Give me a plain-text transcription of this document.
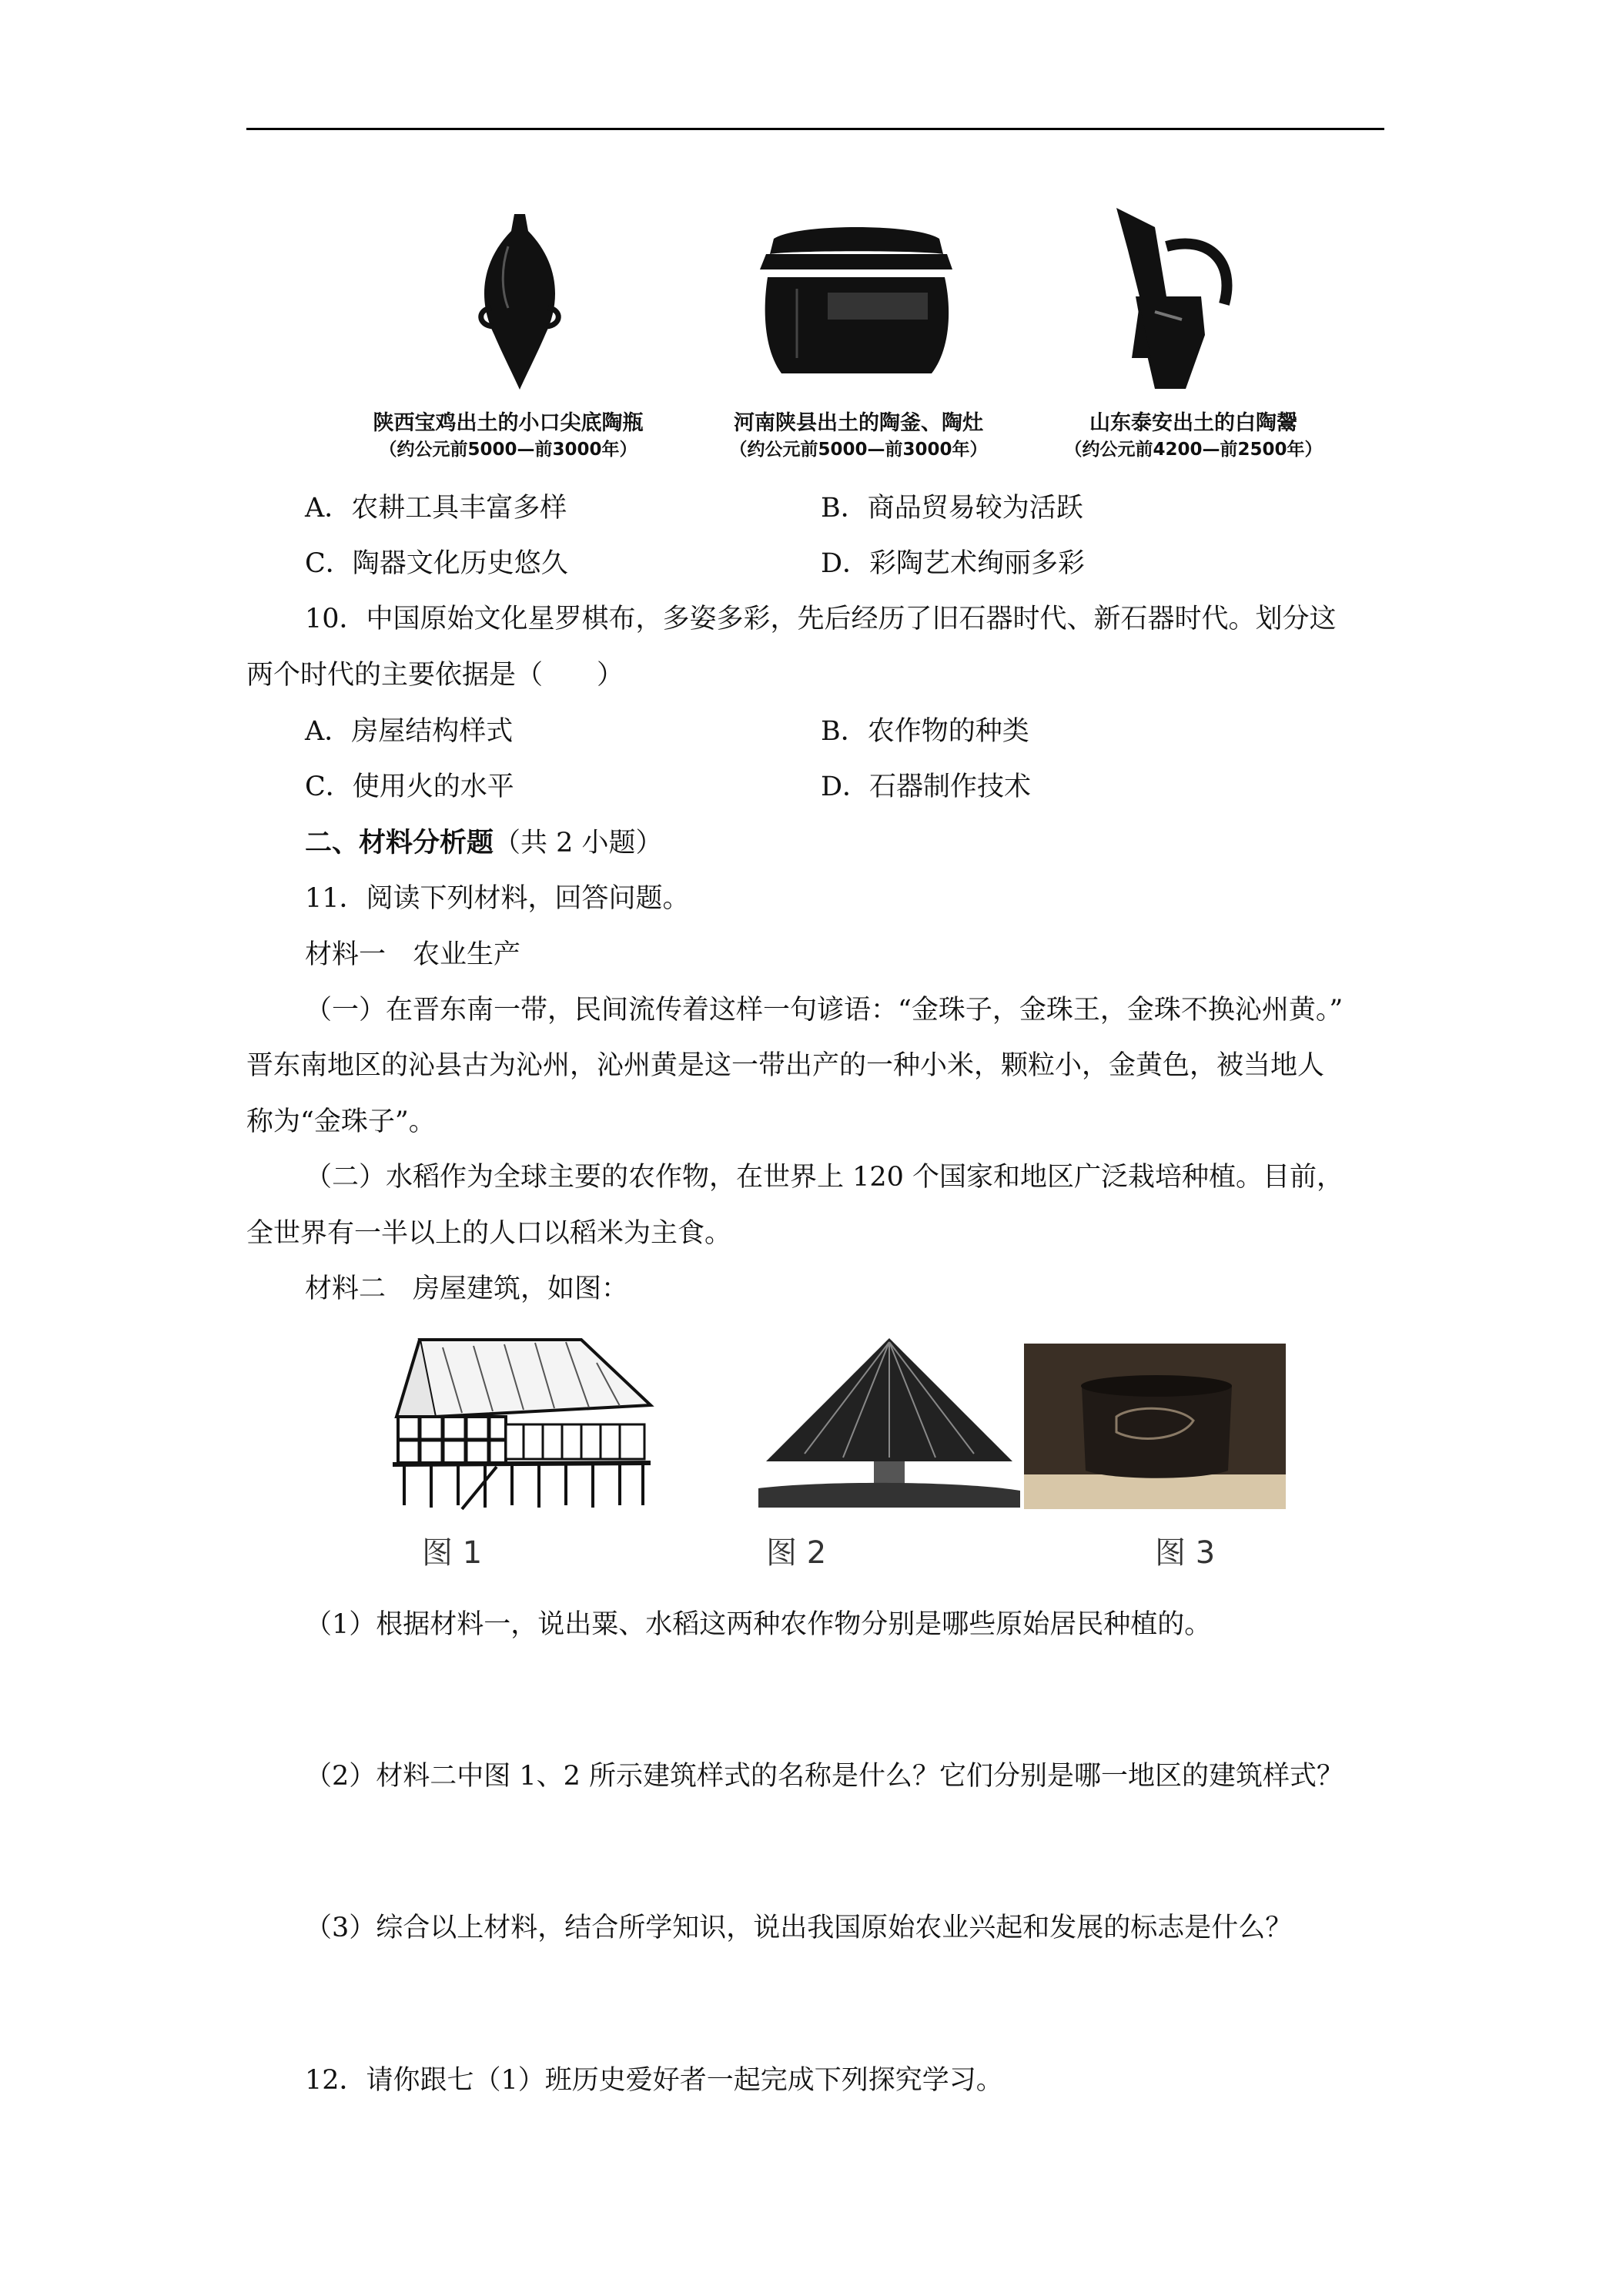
陕西宝鸡出土的小口尖底陶瓶
（约公元前5000—前3000年）
河南陕县出土的陶釜、陶灶
（约公元前5000—前3000年）
山东泰安出土的白陶鬶
（约公元前4200—前2500年）
A．农耕工具丰富多样	B．商品贸易较为活跃
C．陶器文化历史悠久	D．彩陶艺术绚丽多彩
10．中国原始文化星罗棋布，多姿多彩，先后经历了旧石器时代、新石器时代。划分这
两个时代的主要依据是（　　）
A．房屋结构样式	B．农作物的种类
C．使用火的水平	D．石器制作技术
二、材料分析题（共 2 小题）
11．阅读下列材料，回答问题。
材料一　农业生产
（一）在晋东南一带，民间流传着这样一句谚语：“金珠子，金珠王，金珠不换沁州黄。”
晋东南地区的沁县古为沁州，沁州黄是这一带出产的一种小米，颗粒小，金黄色，被当地人
称为“金珠子”。
（二）水稻作为全球主要的农作物，在世界上 120 个国家和地区广泛栽培种植。目前，
全世界有一半以上的人口以稻米为主食。
材料二　房屋建筑，如图：
图 1	图 2	图 3
（1）根据材料一，说出粟、水稻这两种农作物分别是哪些原始居民种植的。
（2）材料二中图 1、2 所示建筑样式的名称是什么？它们分别是哪一地区的建筑样式？
（3）综合以上材料，结合所学知识，说出我国原始农业兴起和发展的标志是什么？
12．请你跟七（1）班历史爱好者一起完成下列探究学习。
